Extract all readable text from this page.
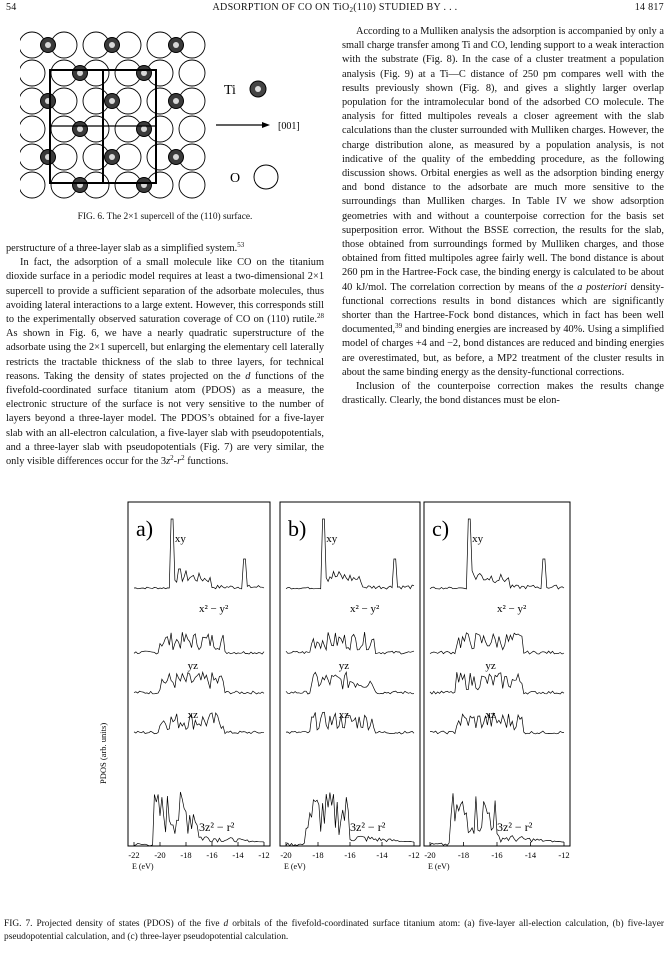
54	ADSORPTION OF CO ON TiO$_2$(110) STUDIED BY . . .	14 817
Ti
[001]
O
FIG. 6. The 2×1 supercell of the (110) surface.

perstructure of a three-layer slab as a simplified system.$^{53}$

In fact, the adsorption of a small molecule like CO on the titanium dioxide surface in a periodic model requires at least a two-dimensional 2×1 supercell to provide a sufficient separation of the adsorbate molecules, thus avoiding lateral interactions to a large extent. However, this corresponds still to the experimentally observed saturation coverage of CO on (110) rutile.$^{28}$ As shown in Fig. 6, we have a nearly quadratic superstructure of the adsorbate using the 2×1 supercell, but enlarging the elementary cell laterally restricts the tractable thickness of the slab to three layers, for technical reasons. Taking the density of states projected on the d functions of the fivefold-coordinated surface titanium atom (PDOS) as a measure, the electronic structure of the surface is not very sensitive to the number of layers beyond a three-layer model. The PDOS’s obtained for a five-layer slab with an all-electron calculation, a five-layer slab with pseudopotentials, and a three-layer slab with pseudopotentials (Fig. 7) are very similar, the only visible differences occur for the $3z^2-r^2$ functions.

According to a Mulliken analysis the adsorption is accompanied by only a small charge transfer among Ti and CO, lending support to a weak interaction with the substrate (Fig. 8). In the case of a cluster treatment a population analysis (Fig. 9) at a Ti—C distance of 250 pm compares well with the results previously shown (Fig. 8), and gives a slightly larger overlap population for the intramolecular bond of the adsorbed CO molecule. The analysis for fitted multipoles reveals a closer agreement with the slab calculations than the cluster surrounded with Mulliken charges. However, the charge distribution alone, as measured by a population analysis, is not indicative of the quality of the embedding procedure, as the following discussion shows. Orbital energies as well as the adsorption binding energy and bond distance to the adsorbate are much more sensitive to the surroundings than Mulliken charges. In Table IV we show adsorption geometries with and without a counterpoise correction for the basis set superposition error. Without the BSSE correction, the results for the slab, those obtained from surroundings formed by Mulliken charges, and those obtained from fitted multipoles agree fairly well. The bond distance is about 260 pm in the Hartree-Fock case, the binding energy is calculated to be about 40 kJ/mol. The correlation correction by means of the a posteriori density-functional corrections results in bond distances which are significantly shorter than the Hartree-Fock bond distances, which in fact has been well documented,$^{39}$ and binding energies are increased by 40%. Using a simplified model of charges +4 and −2, bond distances are reduced and binding energies are overestimated, but, as before, a MP2 treatment of the cluster results in about the same binding energy as the density-functional corrections.

Inclusion of the counterpoise correction makes the results change drastically. Clearly, the bond distances must be elon-

PDOS (arb. units)
a) xy
x² − y²
yz
xz
3z² − r²
-22 -20 -18 -16 -14 -12
E (eV)
b) xy
x² − y²
yz
xz
3z² − r²
-20 -18 -16 -14 -12
E (eV)
c) xy
x² − y²
yz
xz
3z² − r²
-20	-18	-16	-14	-12
E (eV)
FIG. 7. Projected density of states (PDOS) of the five d orbitals of the fivefold-coordinated surface titanium atom: (a) five-layer all-election calculation, (b) five-layer pseudopotential calculation, and (c) three-layer pseudopotential calculation.
